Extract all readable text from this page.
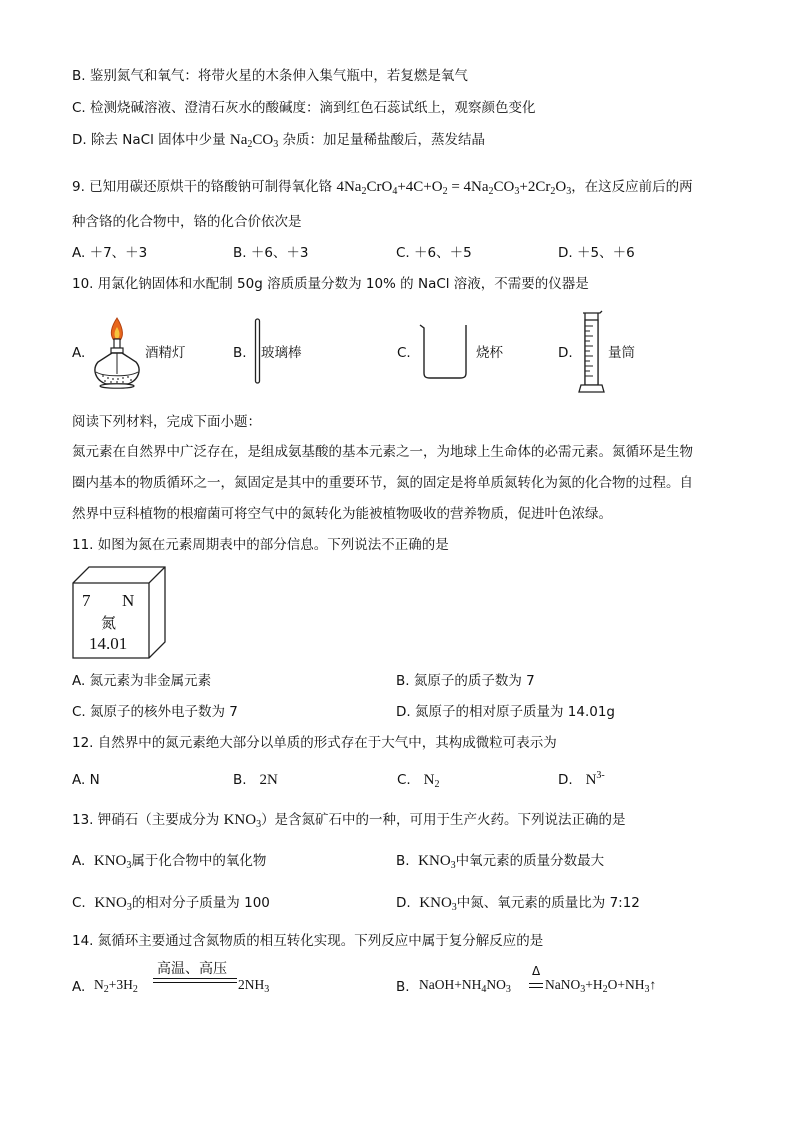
B. 鉴别氮气和氧气：将带火星的木条伸入集气瓶中，若复燃是氧气
C. 检测烧碱溶液、澄清石灰水的酸碱度：滴到红色石蕊试纸上，观察颜色变化
D. 除去 NaCl 固体中少量 $Na_2CO_3$ 杂质：加足量稀盐酸后，蒸发结晶
9. 已知用碳还原烘干的铬酸钠可制得氧化铬 $4Na_2CrO_4+4C+O_2 = 4Na_2CO_3+2Cr_2O_3$，在这反应前后的两
种含铬的化合物中，铬的化合价依次是
A. ＋7、＋3	B. ＋6、＋3	C. ＋6、＋5	D. ＋5、＋6
10. 用氯化钠固体和水配制 50g 溶质质量分数为 10% 的 NaCl 溶液，不需要的仪器是
A.	酒精灯	B. 玻璃棒	C.	烧杯	D.	量筒
阅读下列材料，完成下面小题：
氮元素在自然界中广泛存在，是组成氨基酸的基本元素之一，为地球上生命体的必需元素。氮循环是生物
圈内基本的物质循环之一，氮固定是其中的重要环节，氮的固定是将单质氮转化为氮的化合物的过程。自
然界中豆科植物的根瘤菌可将空气中的氮转化为能被植物吸收的营养物质，促进叶色浓绿。
11. 如图为氮在元素周期表中的部分信息。下列说法不正确的是
7 N
氮
14.01
A. 氮元素为非金属元素	B. 氮原子的质子数为 7
C. 氮原子的核外电子数为 7	D. 氮原子的相对原子质量为 14.01g
12. 自然界中的氮元素绝大部分以单质的形式存在于大气中，其构成微粒可表示为
A. N	B. 2N	C. $N_2$	D. $N^{3-}$
13. 钾硝石（主要成分为 $KNO_3$）是含氮矿石中的一种，可用于生产火药。下列说法正确的是
A. $KNO_3$属于化合物中的氧化物	B. $KNO_3$中氧元素的质量分数最大
C. $KNO_3$的相对分子质量为 100	D. $KNO_3$中氮、氧元素的质量比为 7:12
14. 氮循环主要通过含氮物质的相互转化实现。下列反应中属于复分解反应的是
A. $N_2+3H_2$
高温、高压
$2NH_3$	B. $NaOH+NH_4NO_3$
Δ
$NaNO_3+H_2O+NH_3↑$
